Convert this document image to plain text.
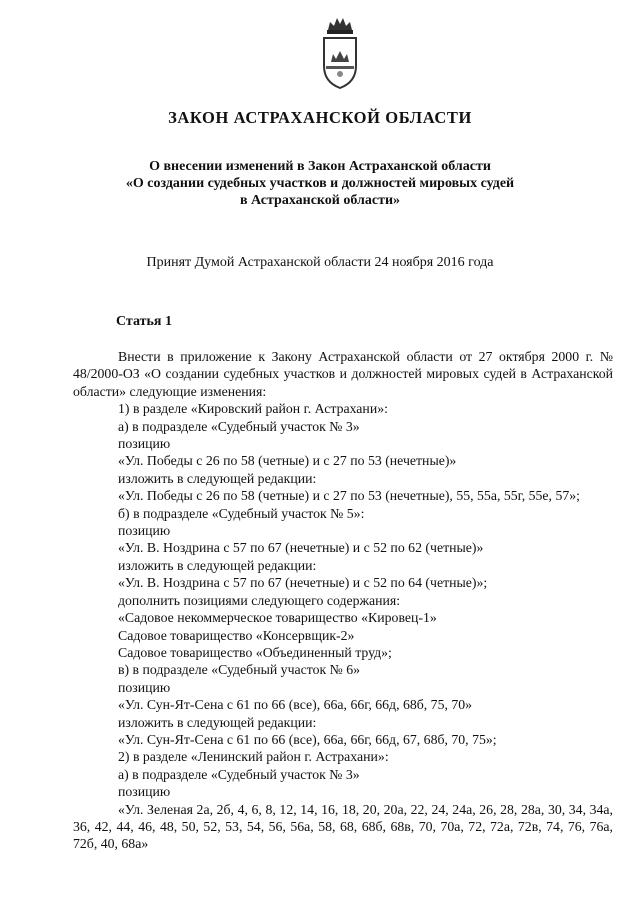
ЗАКОН АСТРАХАНСКОЙ ОБЛАСТИ
О внесении изменений в Закон Астраханской области
«О создании судебных участков и должностей мировых судей
в Астраханской области»
Принят Думой Астраханской области 24 ноября 2016 года
Статья 1

Внести в приложение к Закону Астраханской области от 27 октября 2000 г. № 48/2000-ОЗ «О создании судебных участков и должностей мировых судей в Астраханской области» следующие изменения:

1) в разделе «Кировский район г. Астрахани»:

а) в подразделе «Судебный участок № 3»

позицию

«Ул. Победы с 26 по 58 (четные) и с 27 по 53 (нечетные)»

изложить в следующей редакции:

«Ул. Победы с 26 по 58 (четные) и с 27 по 53 (нечетные), 55, 55а, 55г, 55е, 57»;

б) в подразделе «Судебный участок № 5»:

позицию

«Ул. В. Ноздрина с 57 по 67 (нечетные) и с 52 по 62 (четные)»

изложить в следующей редакции:

«Ул. В. Ноздрина с 57 по 67 (нечетные) и с 52 по 64 (четные)»;

дополнить позициями следующего содержания:

«Садовое некоммерческое товарищество «Кировец-1»

Садовое товарищество «Консервщик-2»

Садовое товарищество «Объединенный труд»;

в) в подразделе «Судебный участок № 6»

позицию

«Ул. Сун-Ят-Сена с 61 по 66 (все), 66а, 66г, 66д, 68б, 75, 70»

изложить в следующей редакции:

«Ул. Сун-Ят-Сена с 61 по 66 (все), 66а, 66г, 66д, 67, 68б, 70, 75»;

2) в разделе «Ленинский район г. Астрахани»:

а) в подразделе «Судебный участок № 3»

позицию

«Ул. Зеленая 2а, 2б, 4, 6, 8, 12, 14, 16, 18, 20, 20а, 22, 24, 24а, 26, 28, 28а, 30, 34, 34а, 36, 42, 44, 46, 48, 50, 52, 53, 54, 56, 56а, 58, 68, 68б, 68в, 70, 70а, 72, 72а, 72в, 74, 76, 76а, 72б, 40, 68а»
